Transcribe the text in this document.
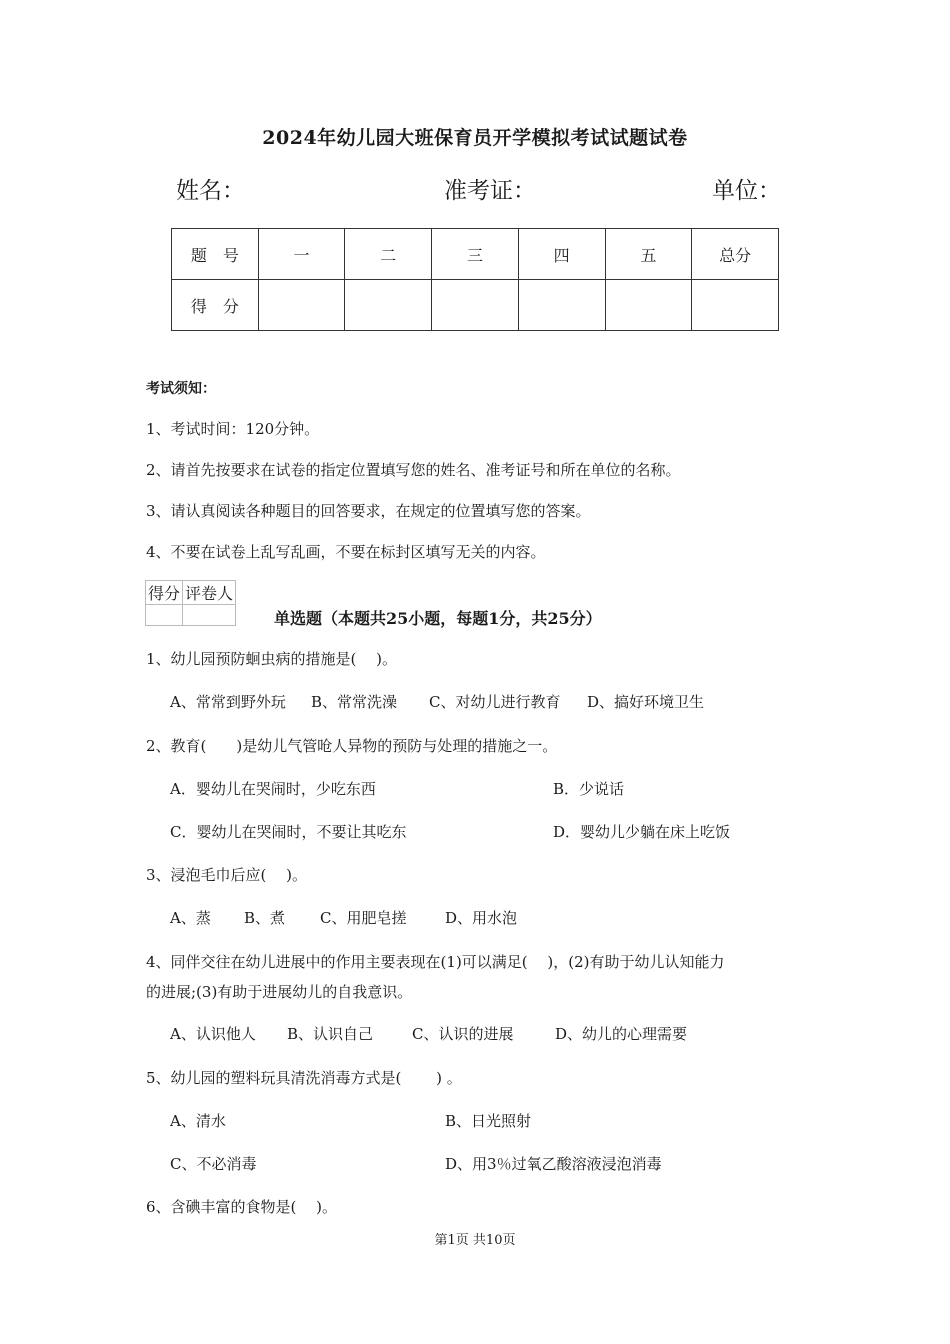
2024年幼儿园大班保育员开学模拟考试试题试卷
姓名：	准考证：	单位：
题　号	一	二	三	四	五	总分
得　分						
考试须知：
1、考试时间：120分钟。
2、请首先按要求在试卷的指定位置填写您的姓名、准考证号和所在单位的名称。
3、请认真阅读各种题目的回答要求，在规定的位置填写您的答案。
4、不要在试卷上乱写乱画，不要在标封区填写无关的内容。
得分	评卷人

单选题（本题共25小题，每题1分，共25分）
1、幼儿园预防蛔虫病的措施是(　 )。
A、常常到野外玩 B、常常洗澡 C、对幼儿进行教育 D、搞好环境卫生
2、教育(　　)是幼儿气管呛人异物的预防与处理的措施之一。
A．婴幼儿在哭闹时，少吃东西	B．少说话
C．婴幼儿在哭闹时，不要让其吃东	D．婴幼儿少躺在床上吃饭
3、浸泡毛巾后应(　 )。
A、蒸 B、煮 C、用肥皂搓	D、用水泡
4、同伴交往在幼儿进展中的作用主要表现在(1)可以满足(　 )，(2)有助于幼儿认知能力
的进展;(3)有助于进展幼儿的自我意识。
A、认识他人 B、认识自己	C、认识的进展	D、幼儿的心理需要
5、幼儿园的塑料玩具清洗消毒方式是(　　 ) 。
A、清水	B、日光照射
C、不必消毒	D、用3％过氧乙酸溶液浸泡消毒
6、含碘丰富的食物是(　 )。
第1页 共10页
